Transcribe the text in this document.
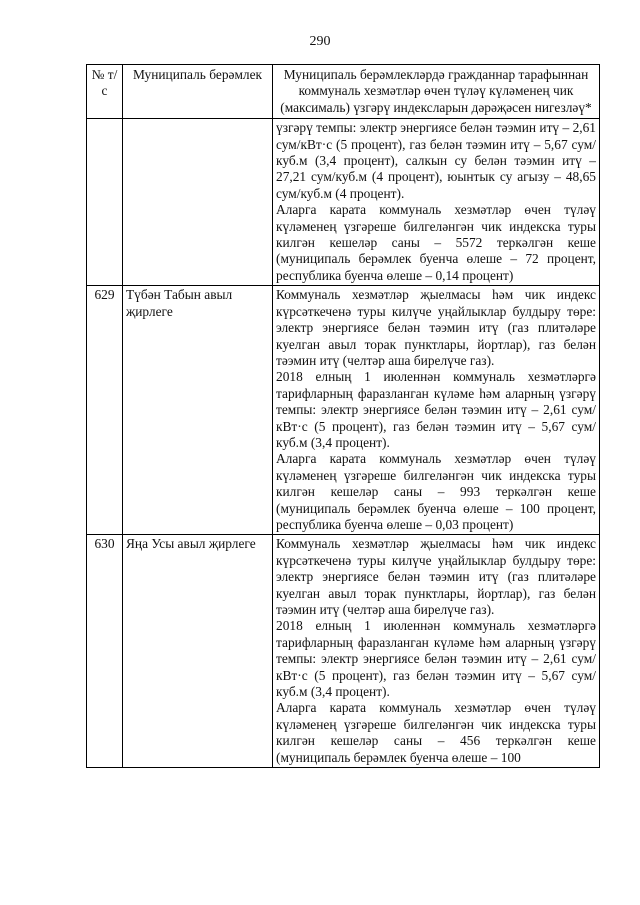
290
№ т/с	Муниципаль берәмлек	Муниципаль берәмлекләрдә гражданнар тарафыннан коммуналь хезмәтләр өчен түләү күләменең чик (максималь) үзгәрү индексларын дәрәҗәсен нигезләү*

		үзгәрү темпы: электр энергиясе белән тәэмин итү – 2,61 сум/кВт·с (5 процент), газ белән тәэмин итү – 5,67 сум/куб.м (3,4 процент), салкын су белән тәэмин итү – 27,21 сум/куб.м (4 процент), юынтык су агызу – 48,65 сум/куб.м (4 процент).

Аларга карата коммуналь хезмәтләр өчен түләү күләменең үзгәреше билгеләнгән чик индекска туры килгән кешеләр саны – 5572 теркәлгән кеше (муниципаль берәмлек буенча өлеше – 72 процент, республика буенча өлеше – 0,14 процент)

629	Түбән Табын авыл җирлеге	Коммуналь хезмәтләр җыелмасы һәм чик индекс күрсәткеченә туры килүче уңайлыклар булдыру төре: электр энергиясе белән тәэмин итү (газ плитәләре куелган авыл торак пунктлары, йортлар), газ белән тәэмин итү (челтәр аша бирелүче газ).

2018 елның 1 июленнән коммуналь хезмәтләргә тарифларның фаразланган күләме һәм аларның үзгәрү темпы: электр энергиясе белән тәэмин итү – 2,61 сум/кВт·с (5 процент), газ белән тәэмин итү – 5,67 сум/куб.м (3,4 процент).

Аларга карата коммуналь хезмәтләр өчен түләү күләменең үзгәреше билгеләнгән чик индекска туры килгән кешеләр саны – 993 теркәлгән кеше (муниципаль берәмлек буенча өлеше – 100 процент, республика буенча өлеше – 0,03 процент)

630	Яңа Усы авыл җирлеге	Коммуналь хезмәтләр җыелмасы һәм чик индекс күрсәткеченә туры килүче уңайлыклар булдыру төре: электр энергиясе белән тәэмин итү (газ плитәләре куелган авыл торак пунктлары, йортлар), газ белән тәэмин итү (челтәр аша бирелүче газ).

2018 елның 1 июленнән коммуналь хезмәтләргә тарифларның фаразланган күләме һәм аларның үзгәрү темпы: электр энергиясе белән тәэмин итү – 2,61 сум/кВт·с (5 процент), газ белән тәэмин итү – 5,67 сум/куб.м (3,4 процент).

Аларга карата коммуналь хезмәтләр өчен түләү күләменең үзгәреше билгеләнгән чик индекска туры килгән кешеләр саны – 456 теркәлгән кеше (муниципаль берәмлек буенча өлеше – 100
